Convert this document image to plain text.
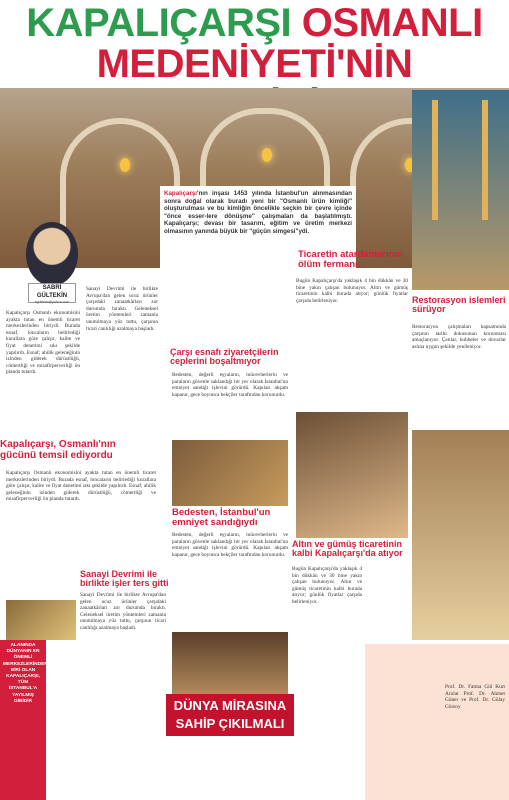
KAPALIÇARŞI OSMANLI
MEDENİYETİ'NİN
SABRİ GÜLTEKİN
sgultekin@yahoo.com
Kapalıçarşı'nın inşası 1453 yılında İstanbul'un alınmasından sonra doğal olarak buradı yeni bir "Osmanlı ürün kimliği" oluşturulması ve bu kimliğin öncelikle seçkin bir çevre içinde "önce esser-lere dönüşme" çalışmaları da başlatılmıştı. Kapalıçarşı; devası bir tasarım, eğitim ve üretim merkezi olmasının yanında büyük bir "güçün simgesi"ydi.
Çarşı esnafı ziyaretçilerin ceplerini boşaltmıyor
Ticaretin atardamarının ölüm fermanı
Restorasyon islemleri sürüyor
Kapalıçarşı, Osmanlı'nın gücünü temsil ediyordu
Sanayi Devrimi ile birlikte işler ters gitti
Bedesten, İstanbul'un emniyet sandığıydı
Altın ve gümüş ticaretinin kalbi Kapalıçarşı'da atıyor
Kapalıçarşı Osmanlı ekonomisini ayakta tutan en önemli ticaret merkezlerinden biriydi. Burada esnaf, loncaların belirlediği kurallara göre çalışır, kalite ve fiyat denetimi sıkı şekilde yapılırdı. Esnaf; ahilik geleneğinin izinden giderek dürüstlüğü, cömertliği ve misafirperverliği ön planda tutardı.
Kapalıçarşı Osmanlı ekonomisini ayakta tutan en önemli ticaret merkezlerinden biriydi. Burada esnaf, loncaların belirlediği kurallara göre çalışır, kalite ve fiyat denetimi sıkı şekilde yapılırdı. Esnaf; ahilik geleneğinin izinden giderek dürüstlüğü, cömertliği ve misafirperverliği ön planda tutardı.
Sanayi Devrimi ile birlikte Avrupa'dan gelen ucuz ürünler çarşıdaki zanaatkârları zor durumda bıraktı. Geleneksel üretim yöntemleri zamanla unutulmaya yüz tuttu, çarşının ticari canlılığı azalmaya başladı.
Bedesten, değerli eşyaların, mücevherlerin ve paraların güvenle saklandığı bir yer olarak İstanbul'un emniyet sandığı işlevini görürdü. Kapıları akşam kapanır, gece boyunca bekçiler tarafından korunurdu.
Bugün Kapalıçarşı'da yaklaşık 4 bin dükkân ve 30 bine yakın çalışan bulunuyor. Altın ve gümüş ticaretinin kalbi burada atıyor; günlük fiyatlar çarşıda belirleniyor.
Restorasyon çalışmaları kapsamında çarşının tarihi dokusunun korunması amaçlanıyor. Çatılar, kubbeler ve duvarlar aslına uygun şekilde yenileniyor.
Sanayi Devrimi ile birlikte Avrupa'dan gelen ucuz ürünler çarşıdaki zanaatkârları zor durumda bıraktı. Geleneksel üretim yöntemleri zamanla unutulmaya yüz tuttu, çarşının ticari canlılığı azalmaya başladı.
Bedesten, değerli eşyaların, mücevherlerin ve paraların güvenle saklandığı bir yer olarak İstanbul'un emniyet sandığı işlevini görürdü. Kapıları akşam kapanır, gece boyunca bekçiler tarafından korunurdu.
Bugün Kapalıçarşı'da yaklaşık 4 bin dükkân ve 30 bine yakın çalışan bulunuyor. Altın ve gümüş ticaretinin kalbi burada atıyor; günlük fiyatlar çarşıda belirleniyor.
DÜNYA MİRASINA
SAHİP ÇIKILMALI
ALANINDA DÜNYANIN EN ÖNEMLİ MERKEZLERİNDEN BİRİ OLAN KAPALIÇARŞI, TÜM İSTANBUL'A YAYILMIŞ GİBİDİR
Prof. Dr. Fatma Gül Kurt Arolat Prof. Dr. Ahmet Güner ve Prof. Dr. Gülay Gürsoy
